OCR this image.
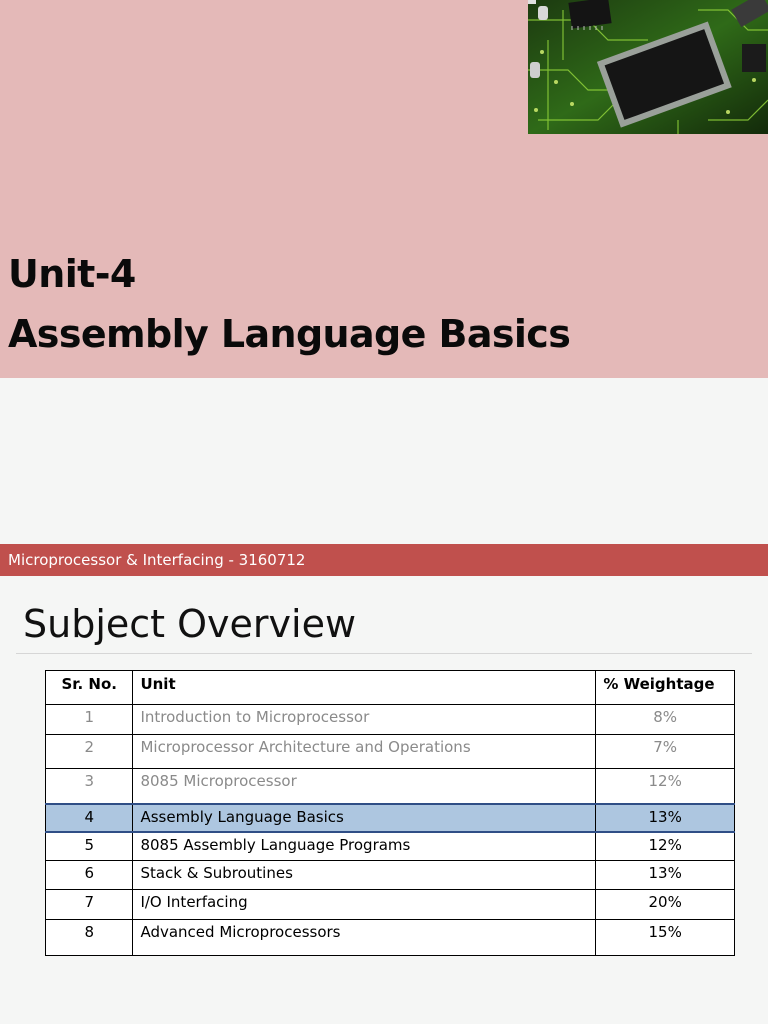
Unit-4
Assembly Language Basics
Microprocessor & Interfacing - 3160712
Subject Overview
Sr. No.	Unit	% Weightage
1	Introduction to Microprocessor	8%
2	Microprocessor Architecture and Operations	7%
3	8085 Microprocessor	12%
4	Assembly Language Basics	13%
5	8085 Assembly Language Programs	12%
6	Stack & Subroutines	13%
7	I/O Interfacing	20%
8	Advanced Microprocessors	15%
